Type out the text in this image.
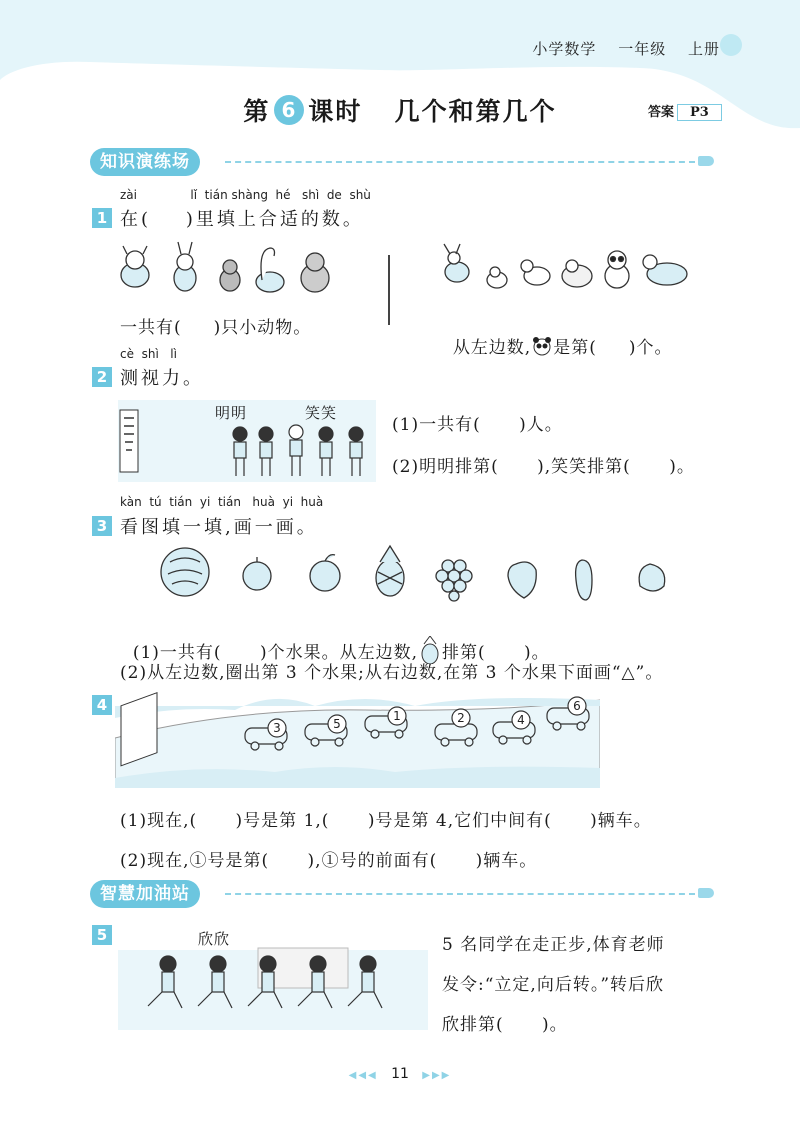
小学数学 一年级 上册
第 6 课时 几个和第几个	答案 P3
知识演练场
zài              lǐ  tián shàng  hé   shì  de  shù
1 在(    )里填上合适的数。
一共有(     )只小动物。

从左边数, 是第(     )个。

cè  shì   lì
2 测视力。
明明	笑笑
(1)一共有(      )人。
(2)明明排第(      ),笑笑排第(      )。
kàn  tú  tián  yi  tián   huà  yi  huà
3 看图填一填,画一画。

(1)一共有(      )个水果。从左边数, 排第(      )。

(2)从左边数,圈出第 3 个水果;从右边数,在第 3 个水果下面画“△”。
4
3	5
1	2	4
6
(1)现在,(      )号是第 1,(      )号是第 4,它们中间有(      )辆车。
(2)现在,①号是第(      ),①号的前面有(      )辆车。
智慧加油站
5	欣欣	5 名同学在走正步,体育老师
发令:“立定,向后转。”转后欣
欣排第(      )。
◀◀◀ 11 ▶▶▶
